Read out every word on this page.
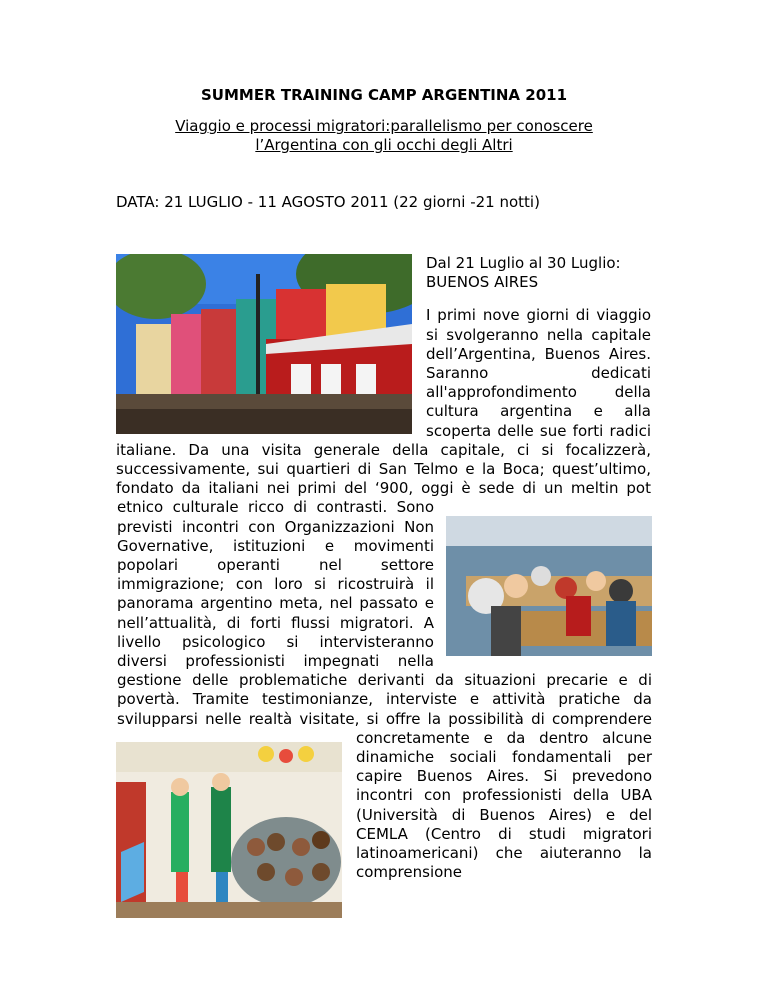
SUMMER TRAINING CAMP ARGENTINA 2011
Viaggio e processi migratori:parallelismo per conoscere
l’Argentina con gli occhi degli Altri
DATA: 21 LUGLIO - 11 AGOSTO 2011 (22 giorni -21 notti)

Dal 21 Luglio al 30 Luglio:
BUENOS AIRES

I primi nove giorni di viaggio si svolgeranno nella capitale dell’Argentina, Buenos Aires. Saranno dedicati all'approfondimento della cultura argentina e alla scoperta delle sue forti radici italiane. Da una visita generale della capitale, ci si focalizzerà, successivamente, sui quartieri di San Telmo e la Boca; quest’ultimo, fondato da italiani nei primi del ‘900, oggi è sede di un meltin pot etnico culturale ricco di contrasti. Sono previsti incontri con Organizzazioni Non Governative, istituzioni e movimenti popolari operanti nel settore immigrazione; con loro si ricostruirà il panorama argentino meta, nel passato e nell’attualità, di forti flussi migratori. A livello psicologico si intervisteranno diversi professionisti impegnati nella gestione delle problematiche derivanti da situazioni precarie e di povertà. Tramite testimonianze, interviste e attività pratiche da svilupparsi nelle realtà visitate, si offre la possibilità di comprendere concretamente e da dentro alcune dinamiche sociali fondamentali per capire Buenos Aires. Si prevedono incontri con professionisti della UBA (Università di Buenos Aires) e del CEMLA (Centro di studi migratori latinoamericani) che aiuteranno la comprensione
